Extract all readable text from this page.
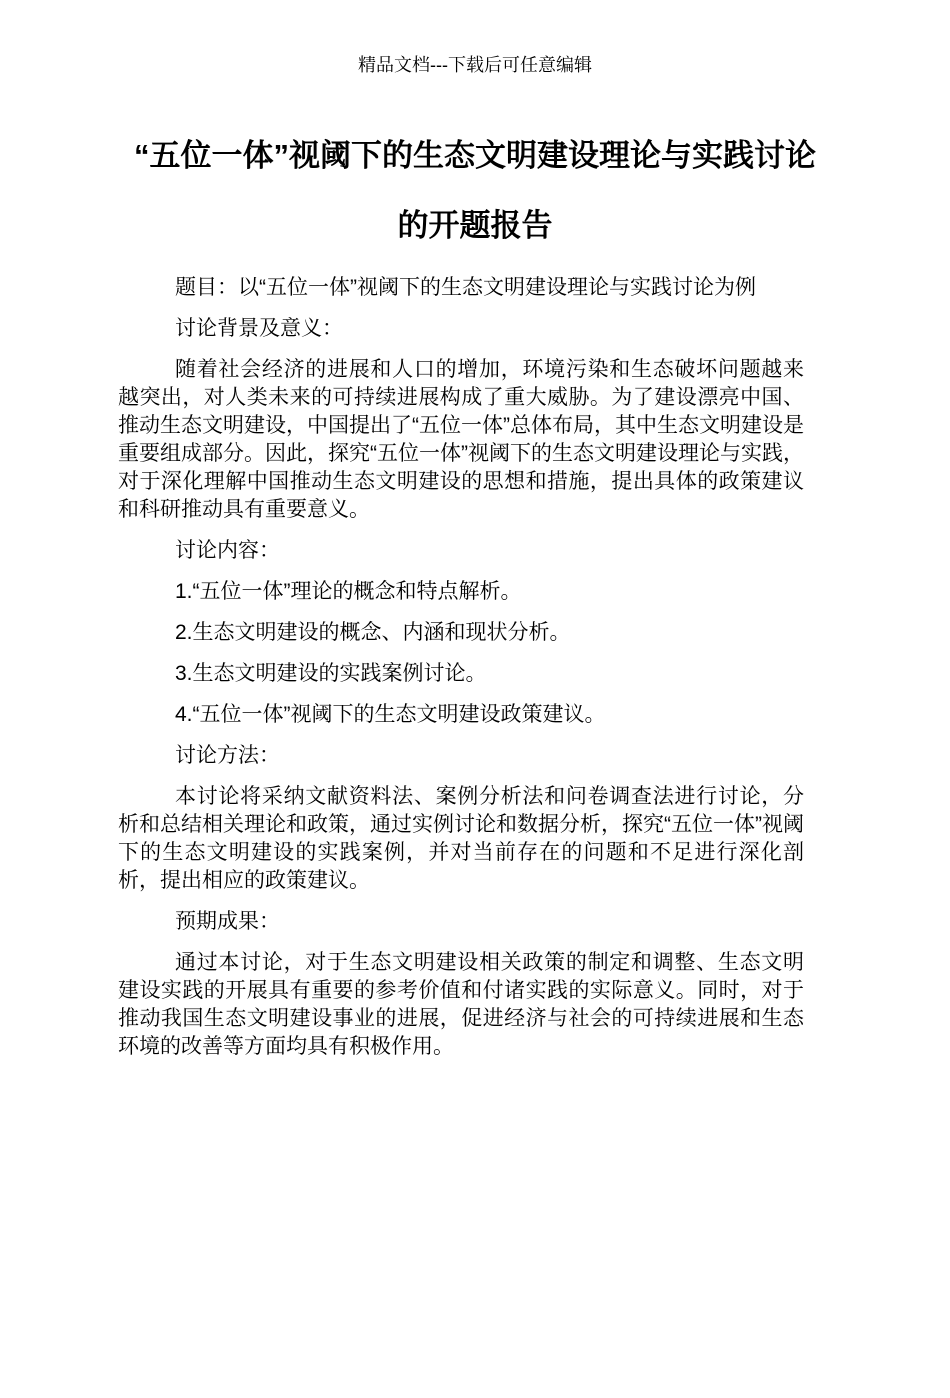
精品文档---下载后可任意编辑

“五位一体”视阈下的生态文明建设理论与实践讨论
的开题报告

题目：以“五位一体”视阈下的生态文明建设理论与实践讨论为例

讨论背景及意义：

随着社会经济的进展和人口的增加，环境污染和生态破坏问题越来越突出，对人类未来的可持续进展构成了重大威胁。为了建设漂亮中国、推动生态文明建设，中国提出了“五位一体”总体布局，其中生态文明建设是重要组成部分。因此，探究“五位一体”视阈下的生态文明建设理论与实践，对于深化理解中国推动生态文明建设的思想和措施，提出具体的政策建议和科研推动具有重要意义。

讨论内容：

1.“五位一体”理论的概念和特点解析。

2.生态文明建设的概念、内涵和现状分析。

3.生态文明建设的实践案例讨论。

4.“五位一体”视阈下的生态文明建设政策建议。

讨论方法：

本讨论将采纳文献资料法、案例分析法和问卷调查法进行讨论，分析和总结相关理论和政策，通过实例讨论和数据分析，探究“五位一体”视阈下的生态文明建设的实践案例，并对当前存在的问题和不足进行深化剖析，提出相应的政策建议。

预期成果：

通过本讨论，对于生态文明建设相关政策的制定和调整、生态文明建设实践的开展具有重要的参考价值和付诸实践的实际意义。同时，对于推动我国生态文明建设事业的进展，促进经济与社会的可持续进展和生态环境的改善等方面均具有积极作用。
